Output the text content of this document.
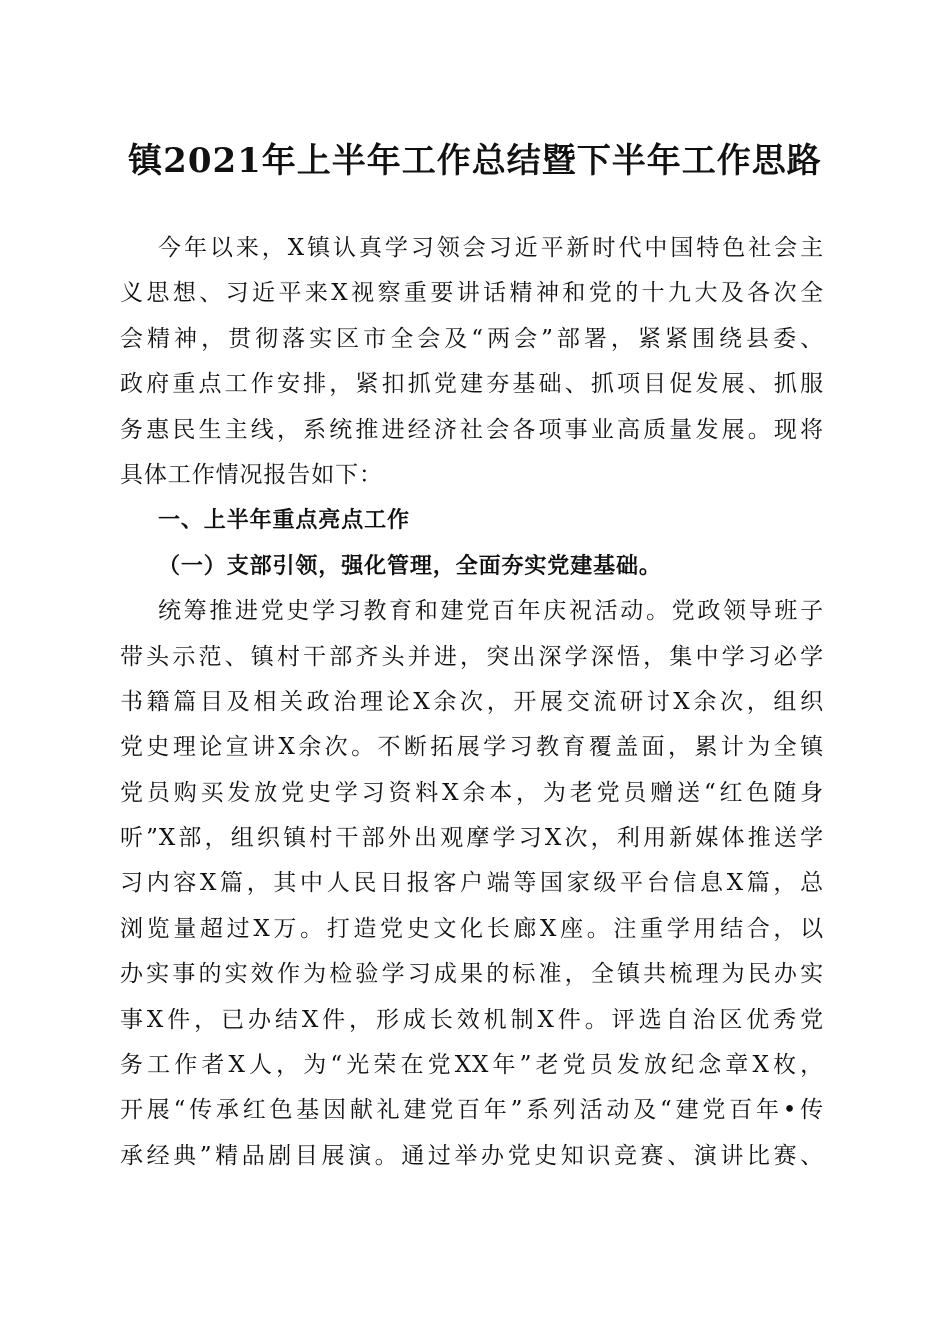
镇2021年上半年工作总结暨下半年工作思路
今年以来，X镇认真学习领会习近平新时代中国特色社会主
义思想、习近平来X视察重要讲话精神和党的十九大及各次全
会精神，贯彻落实区市全会及“两会”部署，紧紧围绕县委、
政府重点工作安排，紧扣抓党建夯基础、抓项目促发展、抓服
务惠民生主线，系统推进经济社会各项事业高质量发展。现将
具体工作情况报告如下：
一、上半年重点亮点工作
（一）支部引领，强化管理，全面夯实党建基础。
统筹推进党史学习教育和建党百年庆祝活动。党政领导班子
带头示范、镇村干部齐头并进，突出深学深悟，集中学习必学
书籍篇目及相关政治理论X余次，开展交流研讨X余次，组织
党史理论宣讲X余次。不断拓展学习教育覆盖面，累计为全镇
党员购买发放党史学习资料X余本，为老党员赠送“红色随身
听”X部，组织镇村干部外出观摩学习X次，利用新媒体推送学
习内容X篇，其中人民日报客户端等国家级平台信息X篇，总
浏览量超过X万。打造党史文化长廊X座。注重学用结合，以
办实事的实效作为检验学习成果的标准，全镇共梳理为民办实
事X件，已办结X件，形成长效机制X件。评选自治区优秀党
务工作者X人，为“光荣在党XX年”老党员发放纪念章X枚，
开展“传承红色基因献礼建党百年”系列活动及“建党百年•传
承经典”精品剧目展演。通过举办党史知识竞赛、演讲比赛、
